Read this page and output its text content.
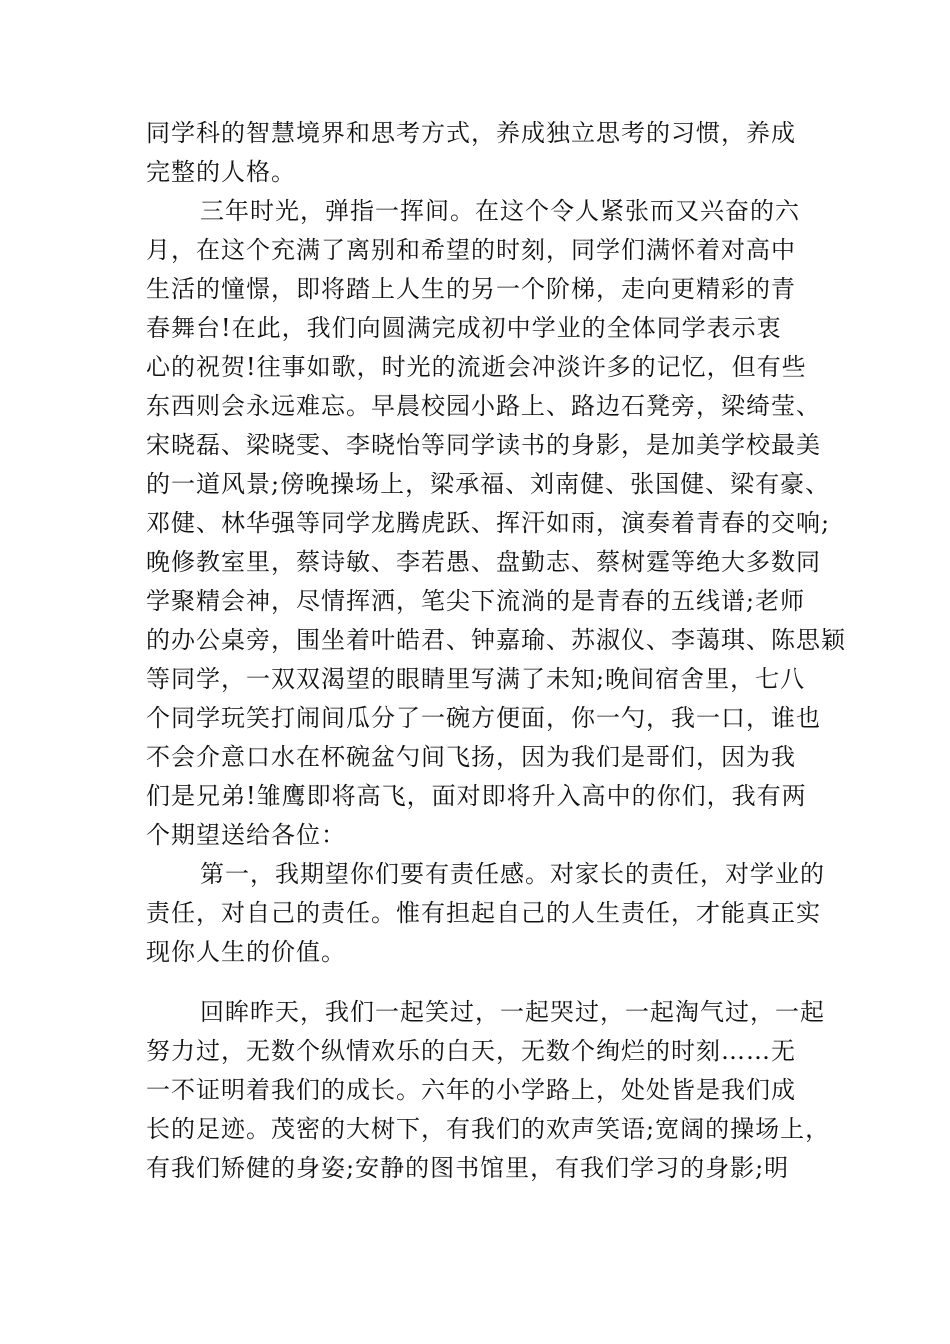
同学科的智慧境界和思考方式，养成独立思考的习惯，养成
完整的人格。
三年时光，弹指一挥间。在这个令人紧张而又兴奋的六
月，在这个充满了离别和希望的时刻，同学们满怀着对高中
生活的憧憬，即将踏上人生的另一个阶梯，走向更精彩的青
春舞台!在此，我们向圆满完成初中学业的全体同学表示衷
心的祝贺!往事如歌，时光的流逝会冲淡许多的记忆，但有些
东西则会永远难忘。早晨校园小路上、路边石凳旁，梁绮莹、
宋晓磊、梁晓雯、李晓怡等同学读书的身影，是加美学校最美
的一道风景;傍晚操场上，梁承福、刘南健、张国健、梁有豪、
邓健、林华强等同学龙腾虎跃、挥汗如雨，演奏着青春的交响;
晚修教室里，蔡诗敏、李若愚、盘勤志、蔡树霆等绝大多数同
学聚精会神，尽情挥洒，笔尖下流淌的是青春的五线谱;老师
的办公桌旁，围坐着叶皓君、钟嘉瑜、苏淑仪、李蔼琪、陈思颖
等同学，一双双渴望的眼睛里写满了未知;晚间宿舍里，七八
个同学玩笑打闹间瓜分了一碗方便面，你一勺，我一口，谁也
不会介意口水在杯碗盆勺间飞扬，因为我们是哥们，因为我
们是兄弟!雏鹰即将高飞，面对即将升入高中的你们，我有两
个期望送给各位：
第一，我期望你们要有责任感。对家长的责任，对学业的
责任，对自己的责任。惟有担起自己的人生责任，才能真正实
现你人生的价值。
回眸昨天，我们一起笑过，一起哭过，一起淘气过，一起
努力过，无数个纵情欢乐的白天，无数个绚烂的时刻……无
一不证明着我们的成长。六年的小学路上，处处皆是我们成
长的足迹。茂密的大树下，有我们的欢声笑语;宽阔的操场上，
有我们矫健的身姿;安静的图书馆里，有我们学习的身影;明
